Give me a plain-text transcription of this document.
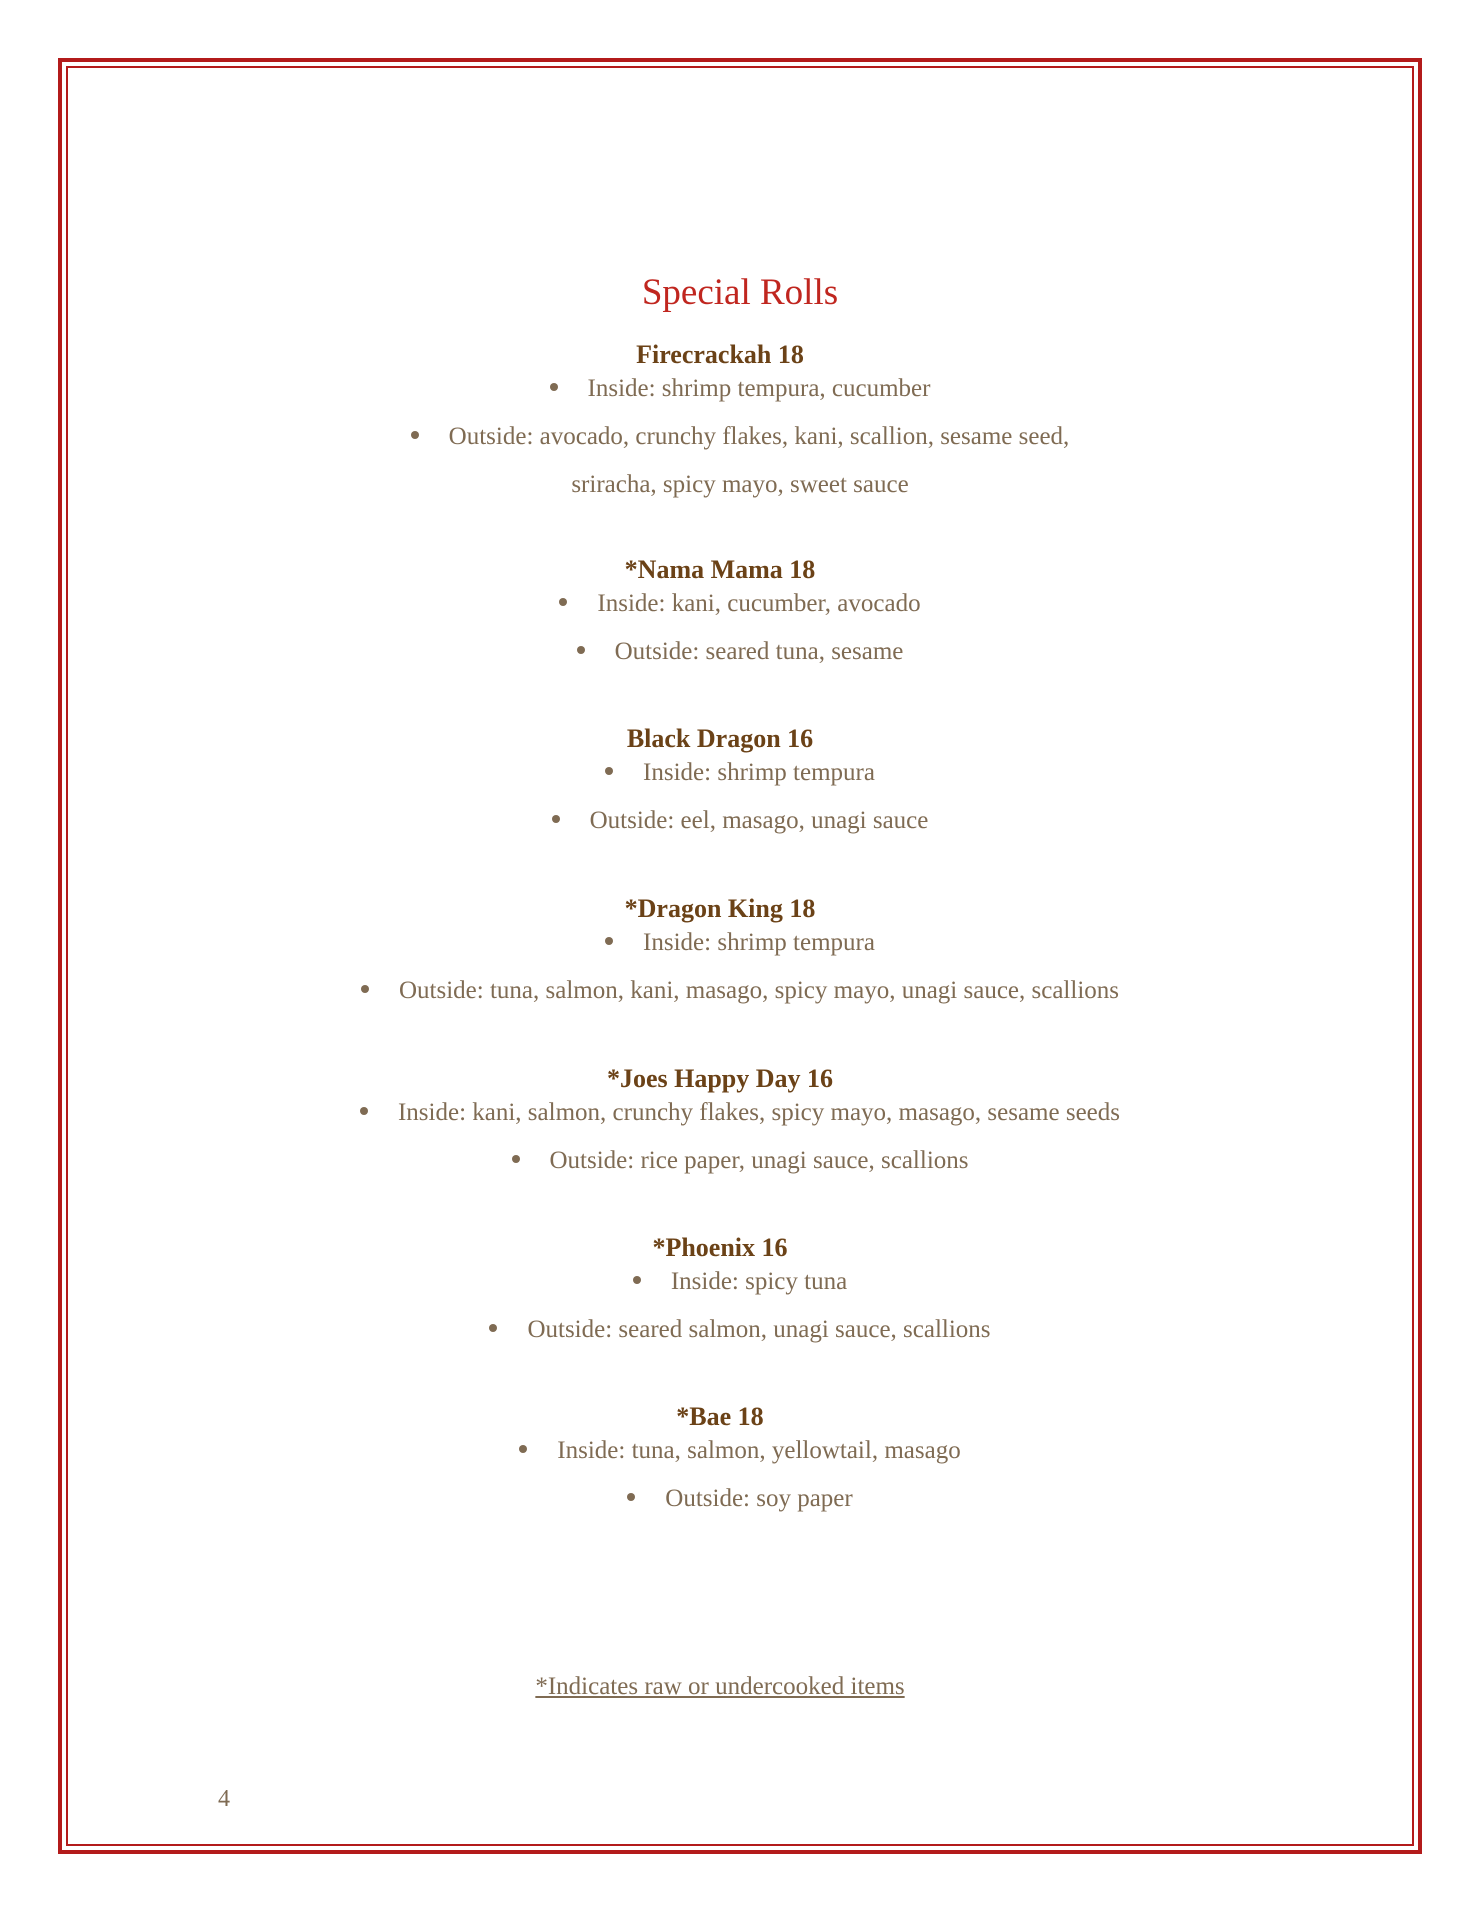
Special Rolls

Firecrackah 18

Inside: shrimp tempura, cucumber
Outside: avocado, crunchy flakes, kani, scallion, sesame seed,
sriracha, spicy mayo, sweet sauce

*Nama Mama 18

Inside: kani, cucumber, avocado
Outside: seared tuna, sesame

Black Dragon 16

Inside: shrimp tempura
Outside: eel, masago, unagi sauce

*Dragon King 18

Inside: shrimp tempura
Outside: tuna, salmon, kani, masago, spicy mayo, unagi sauce, scallions

*Joes Happy Day 16

Inside: kani, salmon, crunchy flakes, spicy mayo, masago, sesame seeds
Outside: rice paper, unagi sauce, scallions

*Phoenix 16

Inside: spicy tuna
Outside: seared salmon, unagi sauce, scallions

*Bae 18

Inside: tuna, salmon, yellowtail, masago
Outside: soy paper
*Indicates raw or undercooked items
4
